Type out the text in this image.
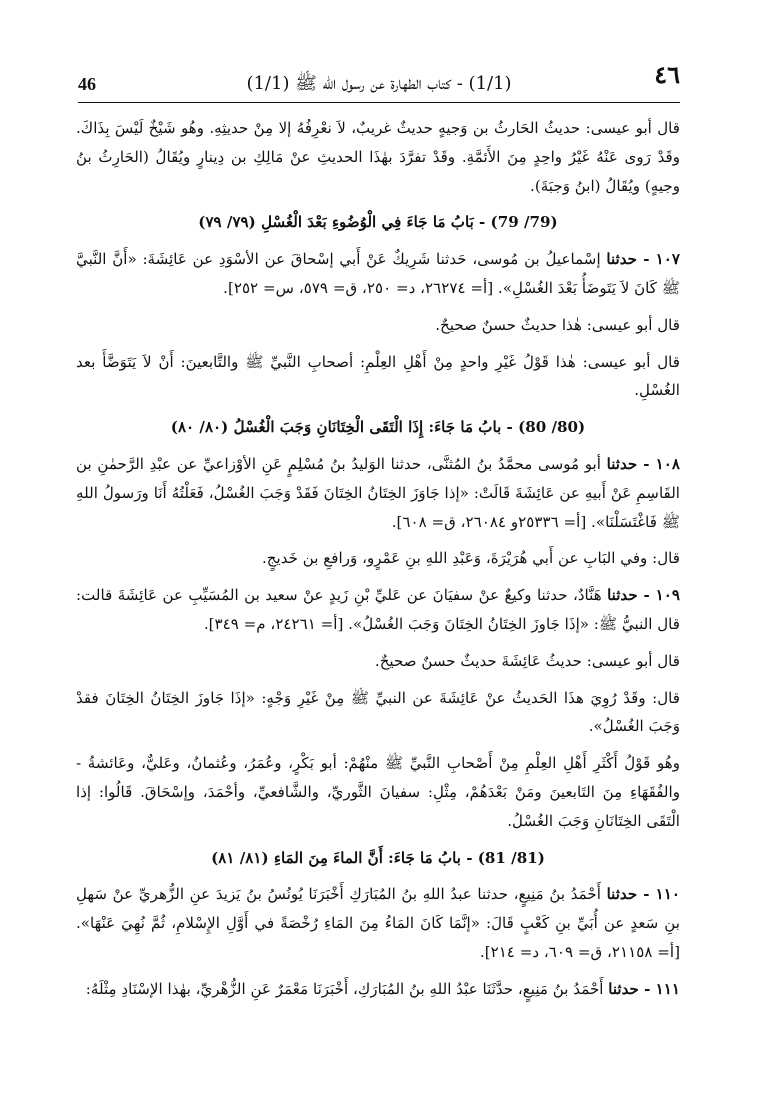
٤٦
(1/1) - كتاب الطهارة عن رسول الله ﷺ (1/1)
46

قال أبو عيسى: حديثُ الحَارثُ بن وَجيهٍ حديثٌ غريبٌ، لاَ نعْرِفُهُ إلا مِنْ حديثِهِ. وهُو شَيْخٌ لَيْسَ بِذَاكَ. وقَدْ رَوى عَنْهُ غَيْرُ واحِدٍ مِنَ الأَئمَّةِ. وقَدْ تفرَّدَ بهٰذَا الحديثِ عنْ مَالِكِ بن دِينارٍ ويُقَالُ (الحَارِثُ بنُ وجيهٍ) ويُقَالُ (ابنُ وَجبَةَ).

(79/ 79) - بَابُ مَا جَاءَ فِي الْوُضُوءِ بَعْدَ الْغُسْلِ (٧٩/ ٧٩)

١٠٧ - حدثنا إسْماعيلُ بن مُوسى، حَدثنا شَرِيكٌ عَنْ أَبي إسْحاقَ عن الأسْوَدِ عن عَائِشَةَ: «أَنَّ النَّبيَّ ﷺ كَانَ لاَ يَتَوضَأُ بَعْدَ الغُسْلِ». [أ= ٢٦٢٧٤، د= ٢٥٠، ق= ٥٧٩، س= ٢٥٢].

قال أبو عيسى: هٰذا حديثٌ حسنٌ صحيحٌ.

قال أبو عيسى: هٰذا قَوْلُ غَيْرِ واحدٍ مِنْ أَهْلِ العِلْمِ: أصحابِ النَّبيِّ ﷺ والتَّابعينَ: أَنْ لاَ يَتَوَضَّأَ بعد الغُسْلِ.

(80/ 80) - بابُ مَا جَاءَ: إِذَا الْتَقَى الْخِتَانَانِ وَجَبَ الْغُسْلُ (٨٠/ ٨٠)

١٠٨ - حدثنا أبو مُوسى محمَّدُ بنُ المُثنَّى، حدثنا الوَليدُ بنُ مُسْلِمٍ عَنِ الأوْزاعيِّ عن عبْدِ الرَّحمٰنِ بن القَاسِمِ عَنْ أَبيهِ عن عَائِشَةَ قَالَتْ: «إذا جَاوَزَ الخِتَانُ الخِتَانَ فَقَدْ وَجَبَ الغُسْلُ، فَعَلْتُهُ أَنَا ورَسولُ اللهِ ﷺ فَاغْتَسَلْنَا». [أ= ٢٥٣٣٦و ٢٦٠٨٤، ق= ٦٠٨].

قال: وفي البَابِ عن أَبي هُرَيْرَةَ، وَعَبْدِ اللهِ بنِ عَمْرٍو، وَرافعِ بن خَديجٍ.

١٠٩ - حدثنا هَنَّادٌ، حدثنا وكيعٌ عنْ سفيَانَ عن عَليِّ بْنِ زَيدٍ عنْ سعيد بن المُسَيِّبِ عن عَائِشَةَ قالت: قال النبيُّ ﷺ: «إذَا جَاوزَ الخِتَانُ الخِتَانَ وَجَبَ الغُسْلُ». [أ= ٢٤٢٦١، م= ٣٤٩].

قال أبو عيسى: حديثُ عَائِشَةَ حديثٌ حسنٌ صحيحٌ.

قال: وقَدْ رُوِيَ هذَا الحَديثُ عنْ عَائِشَةَ عن النبيِّ ﷺ مِنْ غَيْرِ وَجْهٍ: «إذَا جَاوزَ الخِتَانُ الخِتَانَ فقدْ وَجَبَ الغُسْلُ».

وهُو قَوْلُ أَكْثَرِ أَهْلِ العِلْمِ مِنْ أَصْحابِ النَّبيِّ ﷺ منْهُمْ: أبو بَكْرٍ، وعُمَرُ، وعُثمانُ، وعَليٌّ، وعَائشةُ - والفُقَهَاءِ مِنَ التَابعينَ ومَنْ بَعْدَهُمْ، مِثْلِ: سفيانَ الثَّوريِّ، والشَّافعيِّ، وأحْمَدَ، وإسْحَاقَ. قَالُوا: إذا الْتَقَى الخِتَانَانِ وَجَبَ الغُسْلُ.

(81/ 81) - بابُ مَا جَاءَ: أَنَّ الماءَ مِنَ المَاءِ (٨١/ ٨١)

١١٠ - حدثنا أَحْمَدُ بنُ مَنِيعٍ، حدثنا عبدُ اللهِ بنُ المُبَارَكِ أَخْبَرَنَا يُونُسُ بنُ يَزيدَ عنِ الزُّهريِّ عنْ سَهلِ بنِ سَعدٍ عن أُبَيِّ بنِ كَعْبٍ قَالَ: «إنَّمَا كَانَ المَاءُ مِنَ المَاءِ رُخْصَةً في أَوَّلِ الإِسْلامِ، ثُمَّ نُهِيَ عَنْهَا». [أ= ٢١١٥٨، ق= ٦٠٩، د= ٢١٤].

١١١ - حدثنا أَحْمَدُ بنُ مَنِيعٍ، حدَّثَنَا عبْدُ اللهِ بنُ المُبَارَكِ، أَخْبَرَنَا مَعْمَرٌ عَنِ الزُّهْريِّ، بهٰذا الإسْنَادِ مِثْلَهُ:
